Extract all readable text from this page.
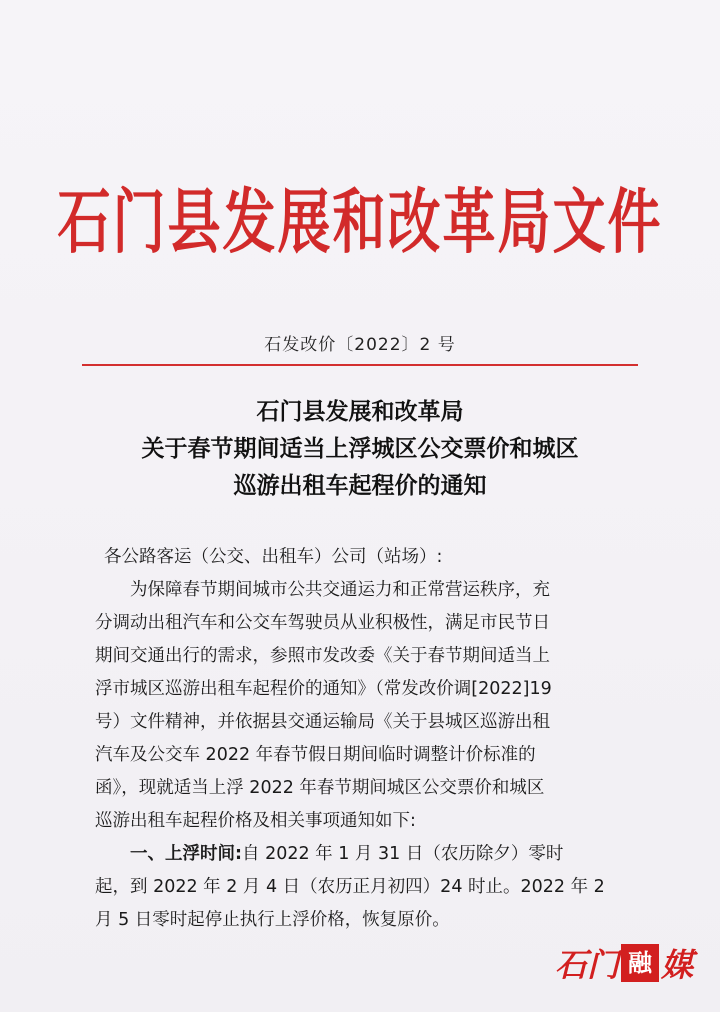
石门县发展和改革局文件
石发改价〔2022〕2 号
石门县发展和改革局
关于春节期间适当上浮城区公交票价和城区
巡游出租车起程价的通知
各公路客运（公交、出租车）公司（站场）:
为保障春节期间城市公共交通运力和正常营运秩序，充
分调动出租汽车和公交车驾驶员从业积极性，满足市民节日
期间交通出行的需求，参照市发改委《关于春节期间适当上
浮市城区巡游出租车起程价的通知》（常发改价调[2022]19
号）文件精神，并依据县交通运输局《关于县城区巡游出租
汽车及公交车 2022 年春节假日期间临时调整计价标准的
函》，现就适当上浮 2022 年春节期间城区公交票价和城区
巡游出租车起程价格及相关事项通知如下:
一、上浮时间:自 2022 年 1 月 31 日（农历除夕）零时
起，到 2022 年 2 月 4 日（农历正月初四）24 时止。2022 年 2
月 5 日零时起停止执行上浮价格，恢复原价。
石门 融 媒
